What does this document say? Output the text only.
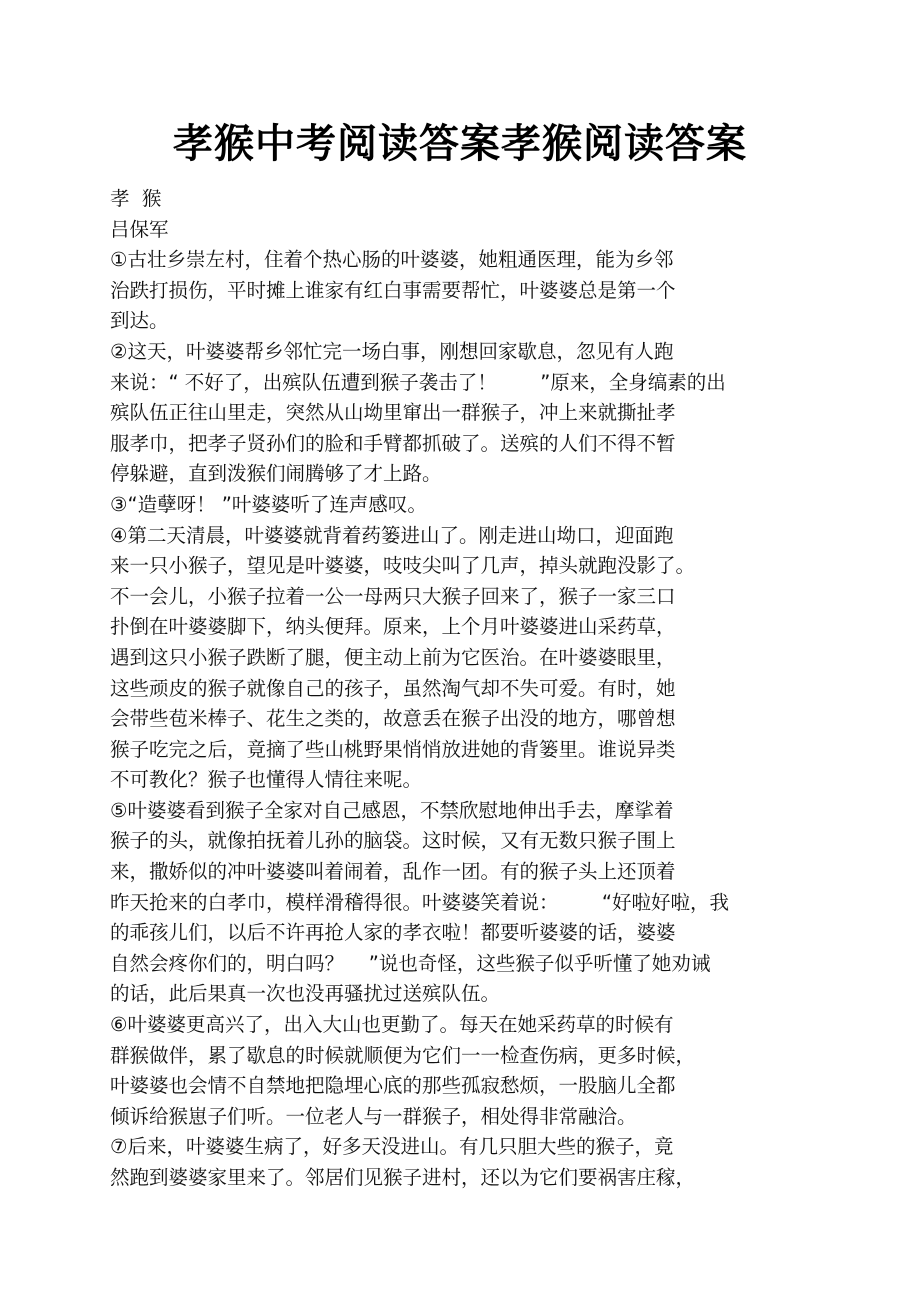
孝猴中考阅读答案孝猴阅读答案
孝  猴
吕保军
①古壮乡崇左村，住着个热心肠的叶婆婆，她粗通医理，能为乡邻
治跌打损伤，平时摊上谁家有红白事需要帮忙，叶婆婆总是第一个
到达。
②这天，叶婆婆帮乡邻忙完一场白事，刚想回家歇息，忽见有人跑
来说：“ 不好了，出殡队伍遭到猴子袭击了！       ”原来，全身缟素的出
殡队伍正往山里走，突然从山坳里窜出一群猴子，冲上来就撕扯孝
服孝巾，把孝子贤孙们的脸和手臂都抓破了。送殡的人们不得不暂
停躲避，直到泼猴们闹腾够了才上路。
③“造孽呀！ ”叶婆婆听了连声感叹。
④第二天清晨，叶婆婆就背着药篓进山了。刚走进山坳口，迎面跑
来一只小猴子，望见是叶婆婆，吱吱尖叫了几声，掉头就跑没影了。
不一会儿，小猴子拉着一公一母两只大猴子回来了，猴子一家三口
扑倒在叶婆婆脚下，纳头便拜。原来，上个月叶婆婆进山采药草，
遇到这只小猴子跌断了腿，便主动上前为它医治。在叶婆婆眼里，
这些顽皮的猴子就像自己的孩子，虽然淘气却不失可爱。有时，她
会带些苞米棒子、花生之类的，故意丢在猴子出没的地方，哪曾想
猴子吃完之后，竟摘了些山桃野果悄悄放进她的背篓里。谁说异类
不可教化？猴子也懂得人情往来呢。
⑤叶婆婆看到猴子全家对自己感恩，不禁欣慰地伸出手去，摩挲着
猴子的头，就像拍抚着儿孙的脑袋。这时候，又有无数只猴子围上
来，撒娇似的冲叶婆婆叫着闹着，乱作一团。有的猴子头上还顶着
昨天抢来的白孝巾，模样滑稽得很。叶婆婆笑着说：       “好啦好啦，我
的乖孩儿们，以后不许再抢人家的孝衣啦！都要听婆婆的话，婆婆
自然会疼你们的，明白吗？    ”说也奇怪，这些猴子似乎听懂了她劝诫
的话，此后果真一次也没再骚扰过送殡队伍。
⑥叶婆婆更高兴了，出入大山也更勤了。每天在她采药草的时候有
群猴做伴，累了歇息的时候就顺便为它们一一检查伤病，更多时候，
叶婆婆也会情不自禁地把隐埋心底的那些孤寂愁烦，一股脑儿全都
倾诉给猴崽子们听。一位老人与一群猴子，相处得非常融洽。
⑦后来，叶婆婆生病了，好多天没进山。有几只胆大些的猴子，竟
然跑到婆婆家里来了。邻居们见猴子进村，还以为它们要祸害庄稼，
